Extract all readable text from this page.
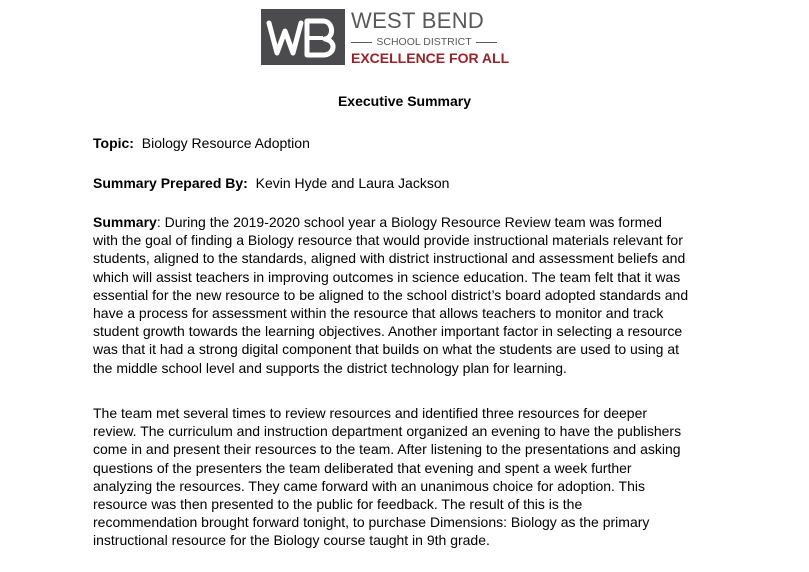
WEST BEND
SCHOOL DISTRICT
EXCELLENCE FOR ALL
Executive Summary
Topic: Biology Resource Adoption
Summary Prepared By: Kevin Hyde and Laura Jackson
Summary: During the 2019-2020 school year a Biology Resource Review team was formed
with the goal of finding a Biology resource that would provide instructional materials relevant for
students, aligned to the standards, aligned with district instructional and assessment beliefs and
which will assist teachers in improving outcomes in science education. The team felt that it was
essential for the new resource to be aligned to the school district’s board adopted standards and
have a process for assessment within the resource that allows teachers to monitor and track
student growth towards the learning objectives. Another important factor in selecting a resource
was that it had a strong digital component that builds on what the students are used to using at
the middle school level and supports the district technology plan for learning.
The team met several times to review resources and identified three resources for deeper
review. The curriculum and instruction department organized an evening to have the publishers
come in and present their resources to the team. After listening to the presentations and asking
questions of the presenters the team deliberated that evening and spent a week further
analyzing the resources. They came forward with an unanimous choice for adoption. This
resource was then presented to the public for feedback. The result of this is the
recommendation brought forward tonight, to purchase Dimensions: Biology as the primary
instructional resource for the Biology course taught in 9th grade.
